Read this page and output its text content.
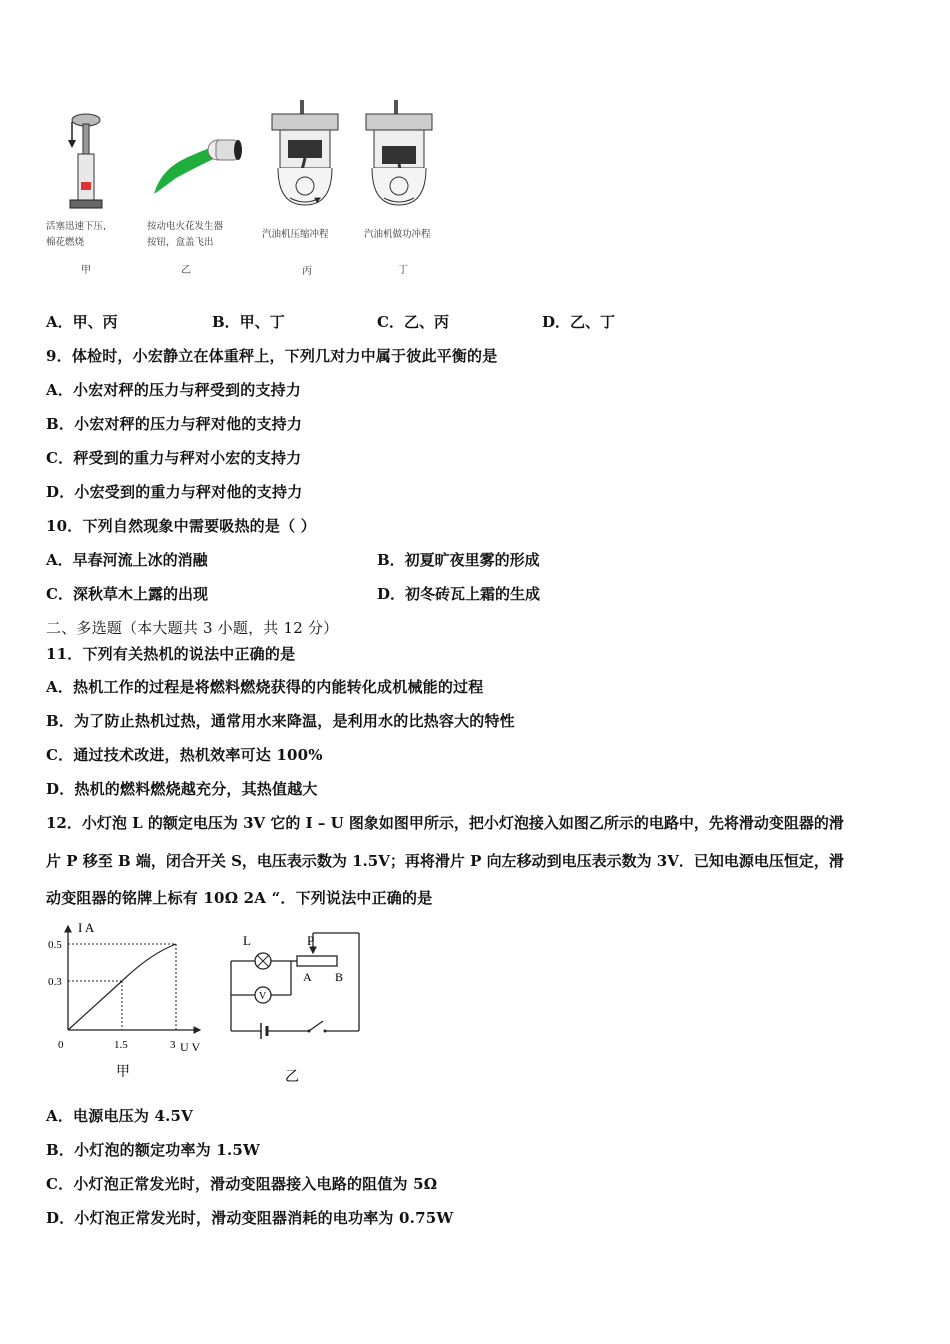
活塞迅速下压，
棉花燃烧
按动电火花发生器
按钮，盒盖飞出
汽油机压缩冲程	汽油机做功冲程
甲	乙	丙	丁
A．甲、丙	B．甲、丁	C．乙、丙	D．乙、丁
9．体检时，小宏静立在体重秤上，下列几对力中属于彼此平衡的是
A．小宏对秤的压力与秤受到的支持力
B．小宏对秤的压力与秤对他的支持力
C．秤受到的重力与秤对小宏的支持力
D．小宏受到的重力与秤对他的支持力
10．下列自然现象中需要吸热的是（ ）
A．早春河流上冰的消融	B．初夏旷夜里雾的形成
C．深秋草木上露的出现	D．初冬砖瓦上霜的生成
二、多选题（本大题共 3 小题，共 12 分）
11．下列有关热机的说法中正确的是
A．热机工作的过程是将燃料燃烧获得的内能转化成机械能的过程
B．为了防止热机过热，通常用水来降温，是利用水的比热容大的特性
C．通过技术改进，热机效率可达 100%
D．热机的燃料燃烧越充分，其热值越大
12．小灯泡 L 的额定电压为 3V 它的 I – U 图象如图甲所示，把小灯泡接入如图乙所示的电路中，先将滑动变阻器的滑
片 P 移至 B 端，闭合开关 S，电压表示数为 1.5V；再将滑片 P 向左移动到电压表示数为 3V．已知电源电压恒定，滑
动变阻器的铭牌上标有 10Ω 2A “．下列说法中正确的是
I A
0.5
0.3
0	1.5	3 U V
甲
L	P
A B
V
乙
A．电源电压为 4.5V
B．小灯泡的额定功率为 1.5W
C．小灯泡正常发光时，滑动变阻器接入电路的阻值为 5Ω
D．小灯泡正常发光时，滑动变阻器消耗的电功率为 0.75W
